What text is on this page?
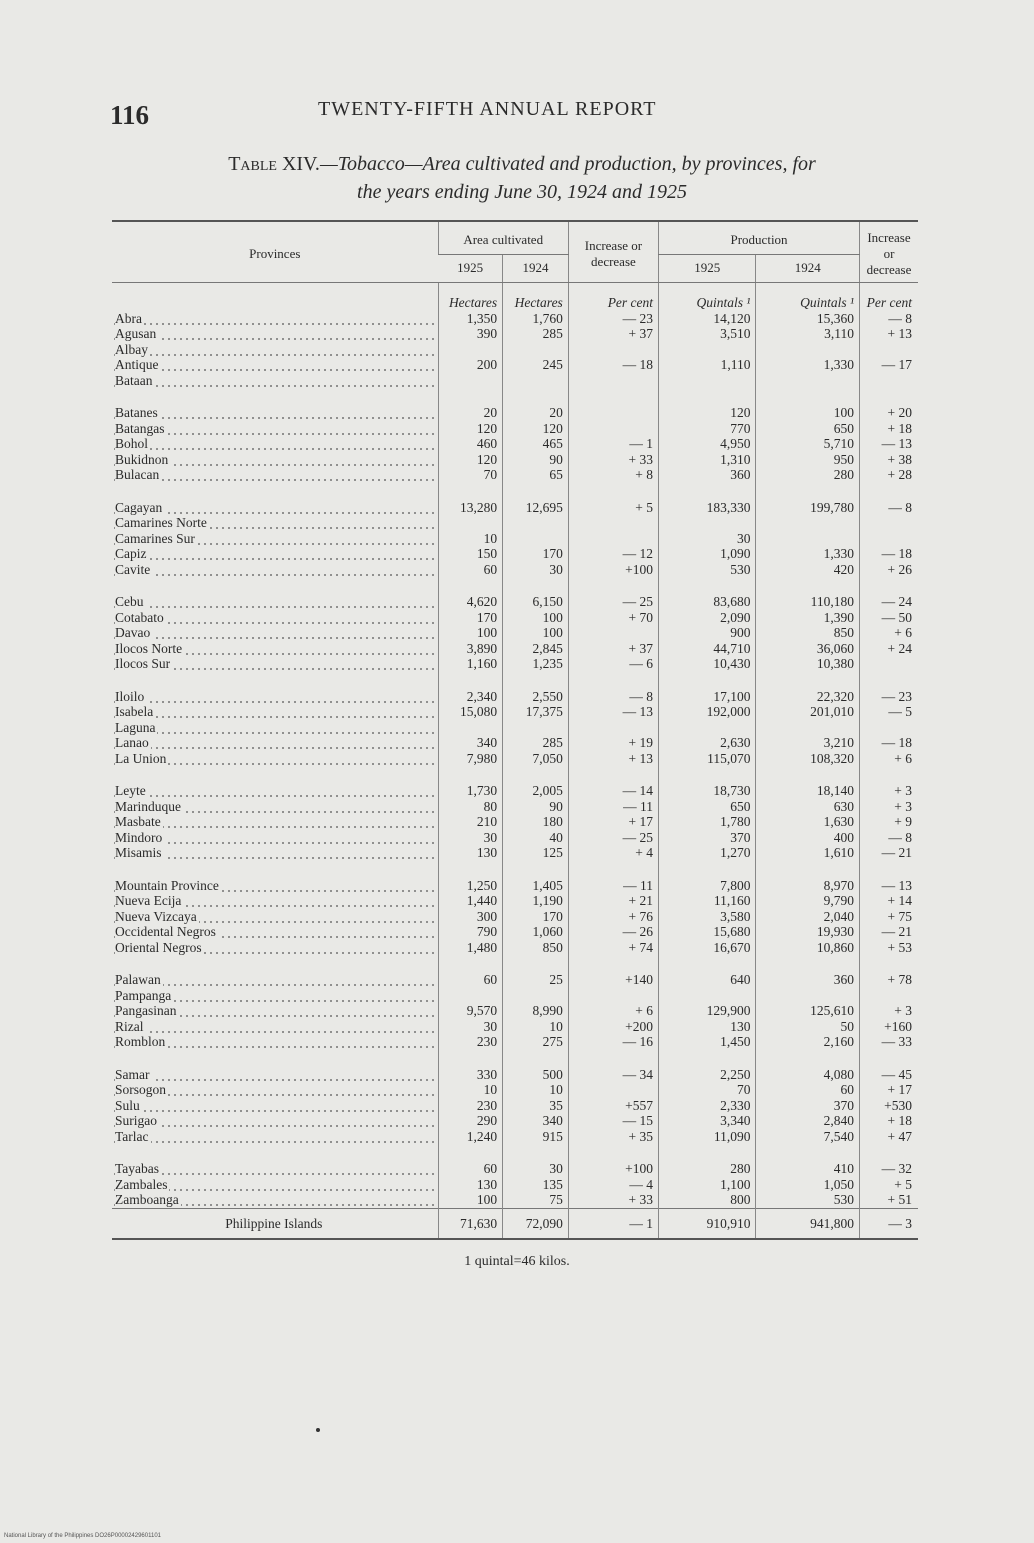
116	TWENTY-FIFTH ANNUAL REPORT
Table XIV.—Tobacco—Area cultivated and production, by provinces, for
the years ending June 30, 1924 and 1925
Provinces	Area cultivated		Increase or decrease	Production		Increase or decrease
	1925	1924		1925	1924	
	Hectares	Hectares	Per cent	Quintals ¹	Quintals ¹	Per cent
Abra	1,350	1,760	— 23	14,120	15,360	— 8
Agusan	390	285	+ 37	3,510	3,110	+ 13
Albay						
Antique	200	245	— 18	1,110	1,330	— 17
Bataan						

Batanes	20	20		120	100	+ 20
Batangas	120	120		770	650	+ 18
Bohol	460	465	— 1	4,950	5,710	— 13
Bukidnon	120	90	+ 33	1,310	950	+ 38
Bulacan	70	65	+ 8	360	280	+ 28

Cagayan	13,280	12,695	+ 5	183,330	199,780	— 8
Camarines Norte						
Camarines Sur	10			30		
Capiz	150	170	— 12	1,090	1,330	— 18
Cavite	60	30	+100	530	420	+ 26

Cebu	4,620	6,150	— 25	83,680	110,180	— 24
Cotabato	170	100	+ 70	2,090	1,390	— 50
Davao	100	100		900	850	+ 6
Ilocos Norte	3,890	2,845	+ 37	44,710	36,060	+ 24
Ilocos Sur	1,160	1,235	— 6	10,430	10,380	

Iloilo	2,340	2,550	— 8	17,100	22,320	— 23
Isabela	15,080	17,375	— 13	192,000	201,010	— 5
Laguna						
Lanao	340	285	+ 19	2,630	3,210	— 18
La Union	7,980	7,050	+ 13	115,070	108,320	+ 6

Leyte	1,730	2,005	— 14	18,730	18,140	+ 3
Marinduque	80	90	— 11	650	630	+ 3
Masbate	210	180	+ 17	1,780	1,630	+ 9
Mindoro	30	40	— 25	370	400	— 8
Misamis	130	125	+ 4	1,270	1,610	— 21

Mountain Province	1,250	1,405	— 11	7,800	8,970	— 13
Nueva Ecija	1,440	1,190	+ 21	11,160	9,790	+ 14
Nueva Vizcaya	300	170	+ 76	3,580	2,040	+ 75
Occidental Negros	790	1,060	— 26	15,680	19,930	— 21
Oriental Negros	1,480	850	+ 74	16,670	10,860	+ 53

Palawan	60	25	+140	640	360	+ 78
Pampanga						
Pangasinan	9,570	8,990	+ 6	129,900	125,610	+ 3
Rizal	30	10	+200	130	50	+160
Romblon	230	275	— 16	1,450	2,160	— 33

Samar	330	500	— 34	2,250	4,080	— 45
Sorsogon	10	10		70	60	+ 17
Sulu	230	35	+557	2,330	370	+530
Surigao	290	340	— 15	3,340	2,840	+ 18
Tarlac	1,240	915	+ 35	11,090	7,540	+ 47

Tayabas	60	30	+100	280	410	— 32
Zambales	130	135	— 4	1,100	1,050	+ 5
Zamboanga	100	75	+ 33	800	530	+ 51
Philippine Islands	71,630	72,090	— 1	910,910	941,800	— 3
1 quintal=46 kilos.
National Library of the Philippines DO26P00002429601101
